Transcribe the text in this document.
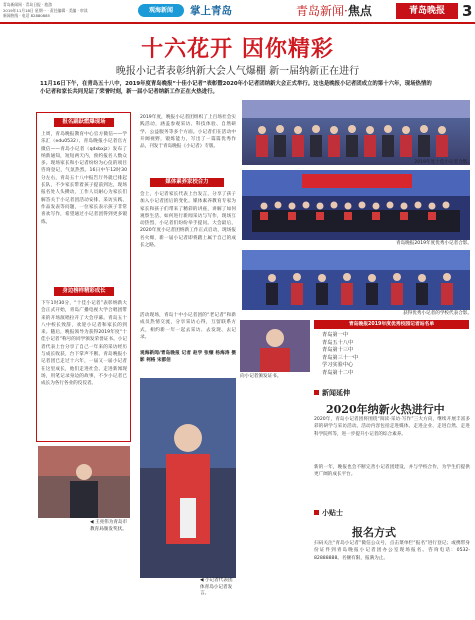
青岛新闻网 · 青岛日报 · 旅游
2019年11月18日 星期一 · 责任编辑 · 美编 · 审读
新闻热线 · 电话 82880885
观海新闻	掌上青岛	青岛新闻·焦点	青岛晚报	3
十六花开 因你精彩
晚报小记者表彰纳新大会人气爆棚 新一届纳新正在进行
11月16日下午，在青岛五十八中，2019年度青岛晚报“十佳小记者”表彰暨2020年小记者团纳新大会正式举行。这也是晚报小记者团成立的第十六年，现场热情的小记者和家长共同见证了荣誉时刻，新一届小记者纳新工作正在火热进行。
报名踊跃燃爆现场
上周，青岛晚报教育中心官方微信——学乐汇（edu0532）、青岛晚报小记者官方微信——青岛小记者（qdxbxjz）发布了纳新通知，短短两天内，预约报名人数众多。现场家长和小记者纷纷为心仪的项目咨询登记，气氛热烈。16日中午12时30分左右，青岛五十八中报告厅外就已排起长队，不少家长带着孩子提前到达，现场报名处人头攒动，工作人员耐心为家长们解答关于小记者团活动安排、采访实践、作品发表等问题，一位家长表示孩子非常喜欢写作，希望通过小记者团得到更多锻炼。
身边榜样精彩成长
下午1时30分，“十佳小记者”表彰纳新大会正式开始，青岛广播电视大学合唱团带来的开场演唱拉开了大会序幕。青岛五十八中校长致辞，欢迎小记者和家长的到来。随后，晚报领导为获得2019年度“十佳小记者”称号的同学颁发荣誉证书。小记者代表上台分享了自己一年来的采访经历与成长收获，台下掌声不断。青岛晚报小记者团已走过十六年，一届又一届小记者在这里成长，他们走进社会、走进新闻现场，用笔记录身边的故事，不少小记者已成长为各行各业的佼佼者。
2019年度，晚报小记者团组织了上百场社会实践活动，涵盖参观采访、科技体验、自然研学、公益服务等多个方面。小记者们在活动中开阔视野，锻炼能力，写出了一篇篇优秀作品，刊发于青岛晚报《小记者》专版。
媒体素养家校合力
会上，小记者家长代表上台发言，分享了孩子加入小记者团后的变化。媒体素养教育专家为家长和孩子们带来了精彩的讲座，讲解了如何观察生活、如何进行新闻采访与写作，现场互动热烈，小记者们纷纷举手提问。大会最后，2020年度小记者团纳新工作正式启动，现场报名火爆，新一届小记者即将踏上属于自己的成长之路。
活动现场，青岛十中小记者团的“老记者”和新成员热情交流，分享采访心得，互留联系方式，相约新一年一起去采访、去发现、去记录。
观海新闻/青岛晚报 记者 赵学 张缬 杨海涛 摄影 柯格 宋都佶
2019年度十佳小记者合影。
青岛晚报2019年度优秀小记者合影。
获得优秀小记者的学校代表合影。
向小记者颁发证书。
青岛晚报2019年度优秀校园记者站名单
青岛第一中
青岛五十八中
青岛第十三中
青岛第三十一中
学习实验中心
青岛第十二中
◀ 王亮伟为青岛市教育局颁发奖状。
◀ 小记者代表团体青岛小记者发言。
新闻延伸
2020年纳新火热进行中
2020年，青岛小记者团将围绕“阅读·采访·写作”三大方向，继续开展丰富多彩的研学与采访活动。活动内容包括走进媒体、走进企业、走进自然、走进科学院所等，进一步提升小记者的综合素养。
新的一年，晚报也会不断完善小记者团建设，并与学校合作，为学生们提供更广阔的成长平台。
小贴士
报名方式
扫码关注“青岛小记者”微信公众号，点击菜单栏“报名”进行登记；或携带身份证件到青岛晚报小记者团办公室现场报名。咨询电话：0532-82888888。名额有限，报满为止。
